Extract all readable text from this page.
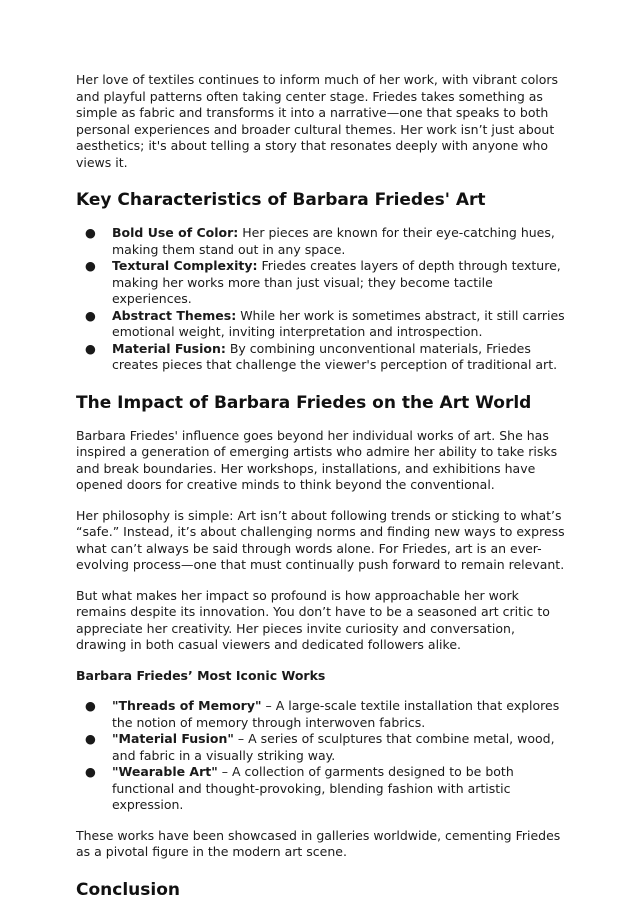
Her love of textiles continues to inform much of her work, with vibrant colors and playful patterns often taking center stage. Friedes takes something as simple as fabric and transforms it into a narrative—one that speaks to both personal experiences and broader cultural themes. Her work isn’t just about aesthetics; it's about telling a story that resonates deeply with anyone who views it.

Key Characteristics of Barbara Friedes' Art
● Bold Use of Color: Her pieces are known for their eye-catching hues, making them stand out in any space.
● Textural Complexity: Friedes creates layers of depth through texture, making her works more than just visual; they become tactile experiences.
● Abstract Themes: While her work is sometimes abstract, it still carries emotional weight, inviting interpretation and introspection.
● Material Fusion: By combining unconventional materials, Friedes creates pieces that challenge the viewer's perception of traditional art.
The Impact of Barbara Friedes on the Art World

Barbara Friedes' influence goes beyond her individual works of art. She has inspired a generation of emerging artists who admire her ability to take risks and break boundaries. Her workshops, installations, and exhibitions have opened doors for creative minds to think beyond the conventional.

Her philosophy is simple: Art isn’t about following trends or sticking to what’s “safe.” Instead, it’s about challenging norms and finding new ways to express what can’t always be said through words alone. For Friedes, art is an ever-evolving process—one that must continually push forward to remain relevant.

But what makes her impact so profound is how approachable her work remains despite its innovation. You don’t have to be a seasoned art critic to appreciate her creativity. Her pieces invite curiosity and conversation, drawing in both casual viewers and dedicated followers alike.

Barbara Friedes’ Most Iconic Works
● "Threads of Memory" – A large-scale textile installation that explores the notion of memory through interwoven fabrics.
● "Material Fusion" – A series of sculptures that combine metal, wood, and fabric in a visually striking way.
● "Wearable Art" – A collection of garments designed to be both functional and thought-provoking, blending fashion with artistic expression.

These works have been showcased in galleries worldwide, cementing Friedes as a pivotal figure in the modern art scene.

Conclusion
